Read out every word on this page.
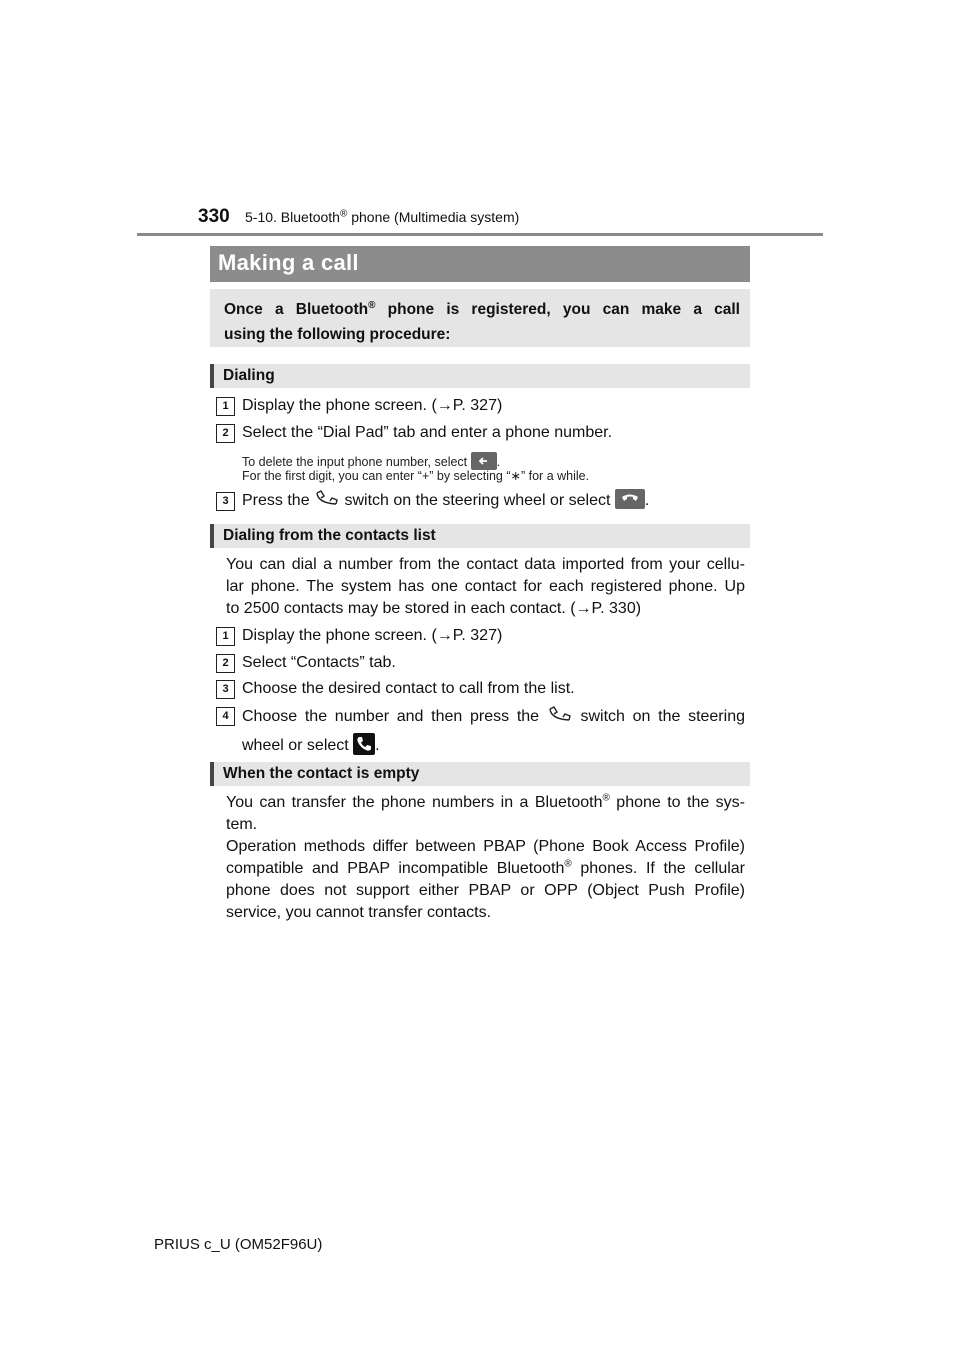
330 5-10. Bluetooth® phone (Multimedia system)
Making a call
Once a Bluetooth® phone is registered, you can make a call
using the following procedure:
Dialing
1 Display the phone screen. (→P. 327)
2 Select the “Dial Pad” tab and enter a phone number.
To delete the input phone number, select .
For the first digit, you can enter “+” by selecting “∗” for a while.
3 Press the switch on the steering wheel or select .
Dialing from the contacts list
You can dial a number from the contact data imported from your cellu-
lar phone. The system has one contact for each registered phone. Up
to 2500 contacts may be stored in each contact. (→P. 330)
1 Display the phone screen. (→P. 327)
2 Select “Contacts” tab.
3 Choose the desired contact to call from the list.
4 Choose the number and then press the	switch on the steering
wheel or select .
When the contact is empty
You can transfer the phone numbers in a Bluetooth® phone to the sys-
tem.
Operation methods differ between PBAP (Phone Book Access Profile)
compatible and PBAP incompatible Bluetooth® phones. If the cellular
phone does not support either PBAP or OPP (Object Push Profile)
service, you cannot transfer contacts.
PRIUS c_U (OM52F96U)
